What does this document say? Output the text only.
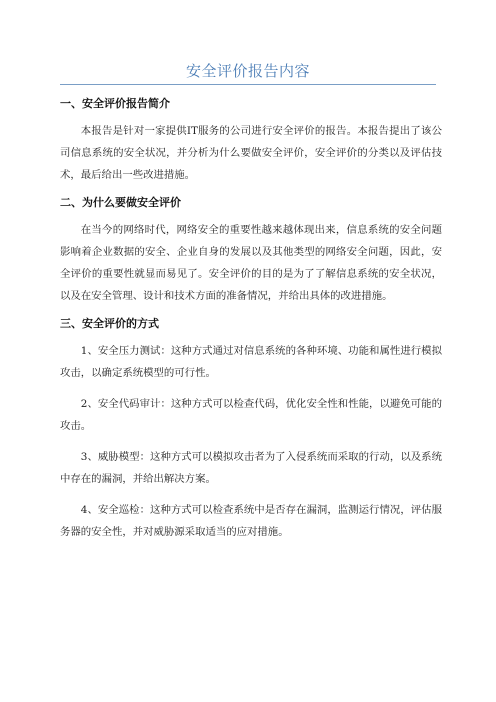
安全评价报告内容
一、安全评价报告简介

本报告是针对一家提供IT服务的公司进行安全评价的报告。本报告提出了该公司信息系统的安全状况，并分析为什么要做安全评价，安全评价的分类以及评估技术，最后给出一些改进措施。

二、为什么要做安全评价

在当今的网络时代，网络安全的重要性越来越体现出来，信息系统的安全问题影响着企业数据的安全、企业自身的发展以及其他类型的网络安全问题，因此，安全评价的重要性就显而易见了。安全评价的目的是为了了解信息系统的安全状况，以及在安全管理、设计和技术方面的准备情况，并给出具体的改进措施。

三、安全评价的方式

1、安全压力测试：这种方式通过对信息系统的各种环境、功能和属性进行模拟攻击，以确定系统模型的可行性。

2、安全代码审计：这种方式可以检查代码，优化安全性和性能，以避免可能的攻击。

3、威胁模型：这种方式可以模拟攻击者为了入侵系统而采取的行动，以及系统中存在的漏洞，并给出解决方案。

4、安全巡检：这种方式可以检查系统中是否存在漏洞，监测运行情况，评估服务器的安全性，并对威胁源采取适当的应对措施。
